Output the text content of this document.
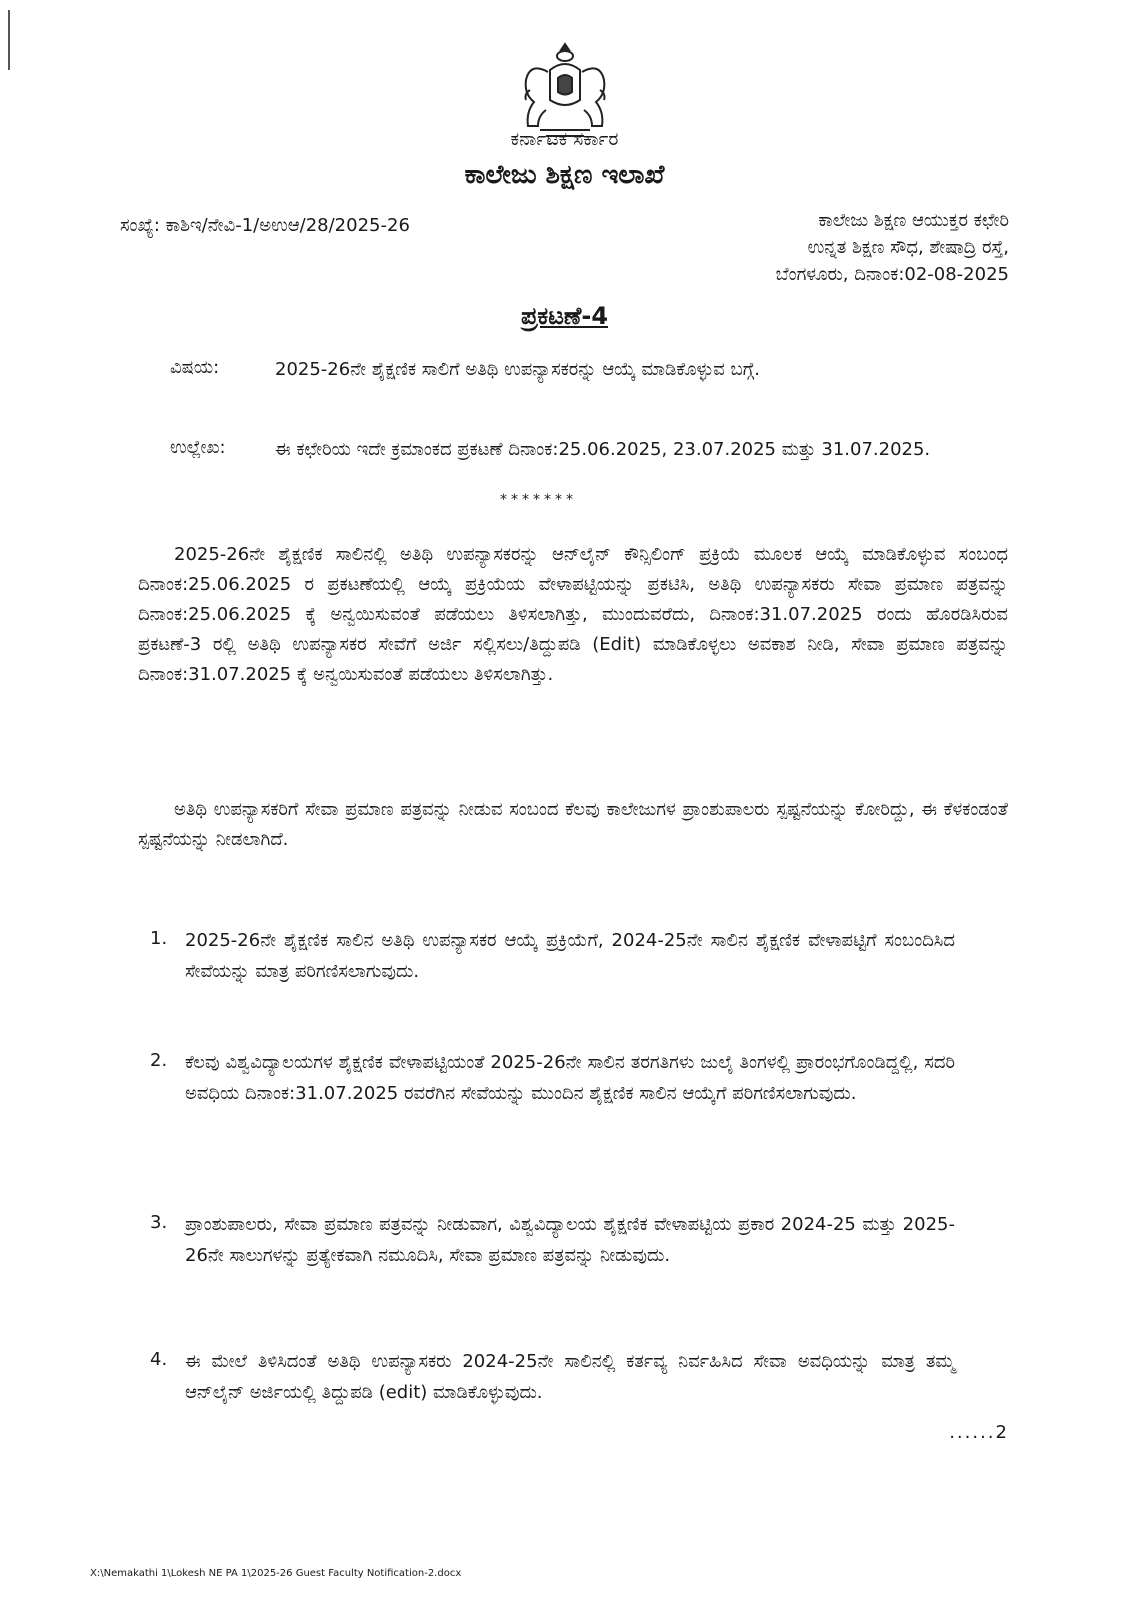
ಕರ್ನಾಟಕ ಸರ್ಕಾರ
ಕಾಲೇಜು ಶಿಕ್ಷಣ ಇಲಾಖೆ
ಸಂಖ್ಯೆ: ಕಾಶಿಇ/ನೇವಿ-1/ಅಉಆ/28/2025-26	ಕಾಲೇಜು ಶಿಕ್ಷಣ ಆಯುಕ್ತರ ಕಛೇರಿ
ಉನ್ನತ ಶಿಕ್ಷಣ ಸೌಧ, ಶೇಷಾದ್ರಿ ರಸ್ತೆ,
ಬೆಂಗಳೂರು, ದಿನಾಂಕ:02-08-2025
ಪ್ರಕಟಣೆ-4
ವಿಷಯ:	2025-26ನೇ ಶೈಕ್ಷಣಿಕ ಸಾಲಿಗೆ ಅತಿಥಿ ಉಪನ್ಯಾಸಕರನ್ನು ಆಯ್ಕೆ ಮಾಡಿಕೊಳ್ಳುವ ಬಗ್ಗೆ.
ಉಲ್ಲೇಖ:	ಈ ಕಛೇರಿಯ ಇದೇ ಕ್ರಮಾಂಕದ ಪ್ರಕಟಣೆ ದಿನಾಂಕ:25.06.2025, 23.07.2025 ಮತ್ತು 31.07.2025.
*******
2025-26ನೇ ಶೈಕ್ಷಣಿಕ ಸಾಲಿನಲ್ಲಿ ಅತಿಥಿ ಉಪನ್ಯಾಸಕರನ್ನು ಆನ್‌ಲೈನ್ ಕೌನ್ಸಿಲಿಂಗ್ ಪ್ರಕ್ರಿಯೆ ಮೂಲಕ ಆಯ್ಕೆ ಮಾಡಿಕೊಳ್ಳುವ ಸಂಬಂಧ ದಿನಾಂಕ:25.06.2025 ರ ಪ್ರಕಟಣೆಯಲ್ಲಿ ಆಯ್ಕೆ ಪ್ರಕ್ರಿಯೆಯ ವೇಳಾಪಟ್ಟಿಯನ್ನು ಪ್ರಕಟಿಸಿ, ಅತಿಥಿ ಉಪನ್ಯಾಸಕರು ಸೇವಾ ಪ್ರಮಾಣ ಪತ್ರವನ್ನು ದಿನಾಂಕ:25.06.2025 ಕ್ಕೆ ಅನ್ವಯಿಸುವಂತೆ ಪಡೆಯಲು ತಿಳಿಸಲಾಗಿತ್ತು, ಮುಂದುವರೆದು, ದಿನಾಂಕ:31.07.2025 ರಂದು ಹೊರಡಿಸಿರುವ ಪ್ರಕಟಣೆ-3 ರಲ್ಲಿ ಅತಿಥಿ ಉಪನ್ಯಾಸಕರ ಸೇವೆಗೆ ಅರ್ಜಿ ಸಲ್ಲಿಸಲು/ತಿದ್ದುಪಡಿ (Edit) ಮಾಡಿಕೊಳ್ಳಲು ಅವಕಾಶ ನೀಡಿ, ಸೇವಾ ಪ್ರಮಾಣ ಪತ್ರವನ್ನು ದಿನಾಂಕ:31.07.2025 ಕ್ಕೆ ಅನ್ವಯಿಸುವಂತೆ ಪಡೆಯಲು ತಿಳಿಸಲಾಗಿತ್ತು.
ಅತಿಥಿ ಉಪನ್ಯಾಸಕರಿಗೆ ಸೇವಾ ಪ್ರಮಾಣ ಪತ್ರವನ್ನು ನೀಡುವ ಸಂಬಂದ ಕೆಲವು ಕಾಲೇಜುಗಳ ಪ್ರಾಂಶುಪಾಲರು ಸ್ಪಷ್ಟನೆಯನ್ನು ಕೋರಿದ್ದು, ಈ ಕೆಳಕಂಡಂತೆ ಸ್ಪಷ್ಟನೆಯನ್ನು ನೀಡಲಾಗಿದೆ.
1. 2025-26ನೇ ಶೈಕ್ಷಣಿಕ ಸಾಲಿನ ಅತಿಥಿ ಉಪನ್ಯಾಸಕರ ಆಯ್ಕೆ ಪ್ರಕ್ರಿಯೆಗೆ, 2024-25ನೇ ಸಾಲಿನ ಶೈಕ್ಷಣಿಕ ವೇಳಾಪಟ್ಟಿಗೆ ಸಂಬಂದಿಸಿದ ಸೇವೆಯನ್ನು ಮಾತ್ರ ಪರಿಗಣಿಸಲಾಗುವುದು.
2. ಕೆಲವು ವಿಶ್ವವಿದ್ಯಾಲಯಗಳ ಶೈಕ್ಷಣಿಕ ವೇಳಾಪಟ್ಟಿಯಂತೆ 2025-26ನೇ ಸಾಲಿನ ತರಗತಿಗಳು ಜುಲೈ ತಿಂಗಳಲ್ಲಿ ಪ್ರಾರಂಭಗೊಂಡಿದ್ದಲ್ಲಿ, ಸದರಿ ಅವಧಿಯ ದಿನಾಂಕ:31.07.2025 ರವರೆಗಿನ ಸೇವೆಯನ್ನು ಮುಂದಿನ ಶೈಕ್ಷಣಿಕ ಸಾಲಿನ ಆಯ್ಕೆಗೆ ಪರಿಗಣಿಸಲಾಗುವುದು.
3. ಪ್ರಾಂಶುಪಾಲರು, ಸೇವಾ ಪ್ರಮಾಣ ಪತ್ರವನ್ನು ನೀಡುವಾಗ, ವಿಶ್ವವಿದ್ಯಾಲಯ ಶೈಕ್ಷಣಿಕ ವೇಳಾಪಟ್ಟಿಯ ಪ್ರಕಾರ 2024-25 ಮತ್ತು 2025-26ನೇ ಸಾಲುಗಳನ್ನು ಪ್ರತ್ಯೇಕವಾಗಿ ನಮೂದಿಸಿ, ಸೇವಾ ಪ್ರಮಾಣ ಪತ್ರವನ್ನು ನೀಡುವುದು.
4. ಈ ಮೇಲೆ ತಿಳಿಸಿದಂತೆ ಅತಿಥಿ ಉಪನ್ಯಾಸಕರು 2024-25ನೇ ಸಾಲಿನಲ್ಲಿ ಕರ್ತವ್ಯ ನಿರ್ವಹಿಸಿದ ಸೇವಾ ಅವಧಿಯನ್ನು ಮಾತ್ರ ತಮ್ಮ ಆನ್‌ಲೈನ್ ಅರ್ಜಿಯಲ್ಲಿ ತಿದ್ದುಪಡಿ (edit) ಮಾಡಿಕೊಳ್ಳುವುದು.
......2
X:\Nemakathi 1\Lokesh NE PA 1\2025-26 Guest Faculty Notification-2.docx
